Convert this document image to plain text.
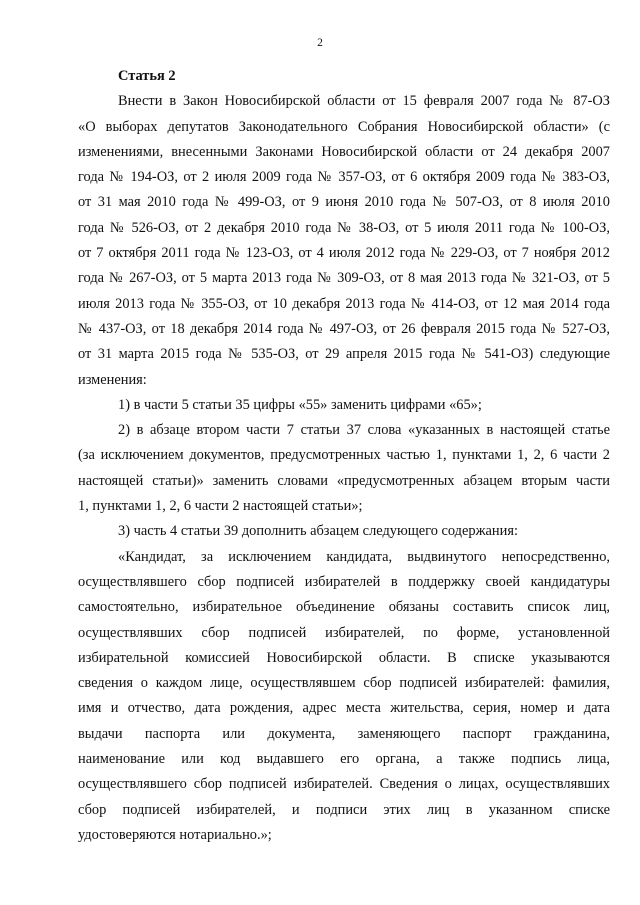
2
Статья 2
Внести в Закон Новосибирской области от 15 февраля 2007 года № 87-ОЗ
«О выборах депутатов Законодательного Собрания Новосибирской области» (с
изменениями, внесенными Законами Новосибирской области от 24 декабря 2007
года № 194-ОЗ, от 2 июля 2009 года № 357-ОЗ, от 6 октября 2009 года № 383-ОЗ,
от 31 мая 2010 года № 499-ОЗ, от 9 июня 2010 года № 507-ОЗ, от 8 июля 2010
года № 526-ОЗ, от 2 декабря 2010 года № 38-ОЗ, от 5 июля 2011 года № 100-ОЗ,
от 7 октября 2011 года № 123-ОЗ, от 4 июля 2012 года № 229-ОЗ, от 7 ноября 2012
года № 267-ОЗ, от 5 марта 2013 года № 309-ОЗ, от 8 мая 2013 года № 321-ОЗ, от 5
июля 2013 года № 355-ОЗ, от 10 декабря 2013 года № 414-ОЗ, от 12 мая 2014 года
№ 437-ОЗ, от 18 декабря 2014 года № 497-ОЗ, от 26 февраля 2015 года № 527-ОЗ,
от 31 марта 2015 года № 535-ОЗ, от 29 апреля 2015 года № 541-ОЗ) следующие
изменения:
1) в части 5 статьи 35 цифры «55» заменить цифрами «65»;
2) в абзаце втором части 7 статьи 37 слова «указанных в настоящей статье
(за исключением документов, предусмотренных частью 1, пунктами 1, 2, 6 части 2
настоящей статьи)» заменить словами «предусмотренных абзацем вторым части
1, пунктами 1, 2, 6 части 2 настоящей статьи»;
3) часть 4 статьи 39 дополнить абзацем следующего содержания:
«Кандидат, за исключением кандидата, выдвинутого непосредственно,
осуществлявшего сбор подписей избирателей в поддержку своей кандидатуры
самостоятельно, избирательное объединение обязаны составить список лиц,
осуществлявших сбор подписей избирателей, по форме, установленной
избирательной комиссией Новосибирской области. В списке указываются
сведения о каждом лице, осуществлявшем сбор подписей избирателей: фамилия,
имя и отчество, дата рождения, адрес места жительства, серия, номер и дата
выдачи паспорта или документа, заменяющего паспорт гражданина,
наименование или код выдавшего его органа, а также подпись лица,
осуществлявшего сбор подписей избирателей. Сведения о лицах, осуществлявших
сбор подписей избирателей, и подписи этих лиц в указанном списке
удостоверяются нотариально.»;
